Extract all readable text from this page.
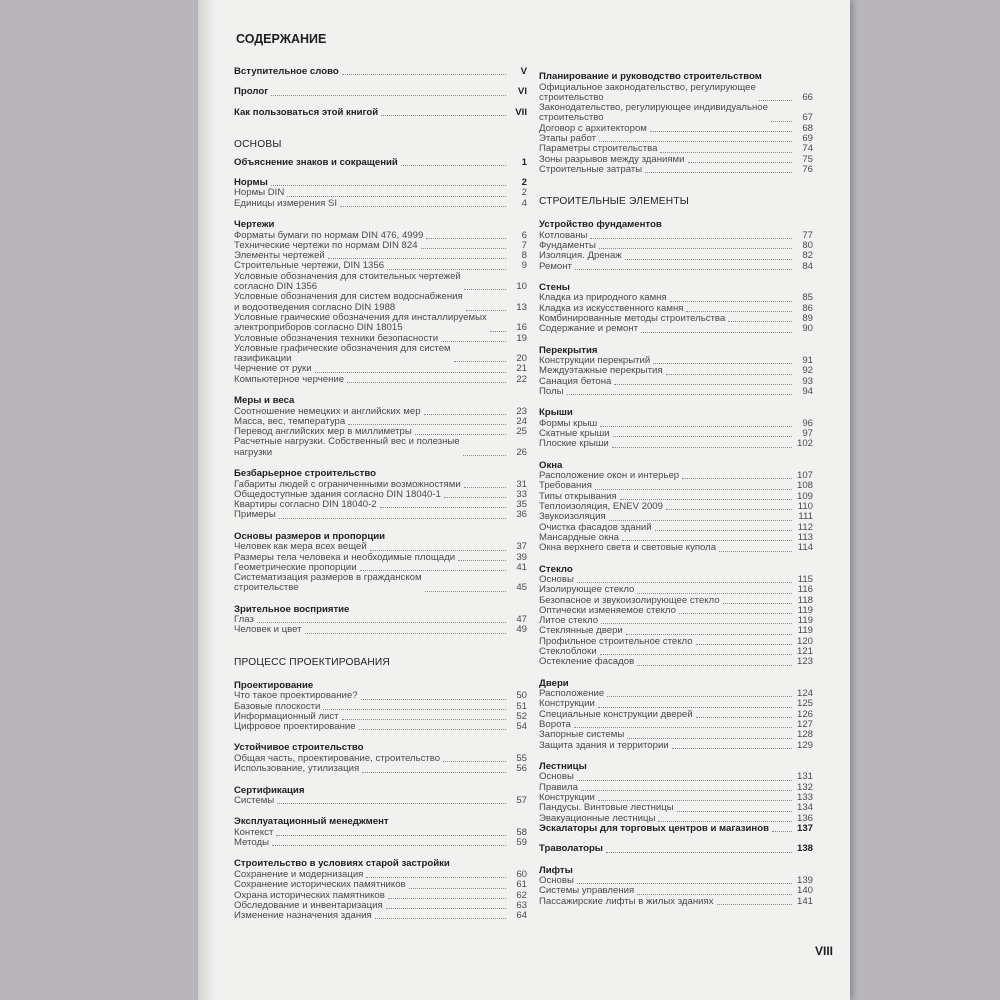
СОДЕРЖАНИЕ
Вступительное слово	V
Пролог	VI
Как пользоваться этой книгой	VII
ОСНОВЫ
Объяснение знаков и сокращений	1
Нормы	2
Нормы DIN	2
Единицы измерения SI	4
Чертежи
Форматы бумаги по нормам DIN 476, 4999	6
Технические чертежи по нормам DIN 824	7
Элементы чертежей	8
Строительные чертежи, DIN 1356	9
Условные обозначения для стоительных чертежей
согласно DIN 1356	10
Условные обозначения для систем водоснабжения
и водоотведения согласно DIN 1988	13
Условные граические обозначения для инсталлируемых
электроприборов согласно DIN 18015	16
Условные обозначения техники безопасности	19
Условные графические обозначения для систем
газификации	20
Черчение от руки	21
Компьютерное черчение	22
Меры и веса
Соотношение немецких и английских мер	23
Масса, вес, температура	24
Перевод английских мер в миллиметры	25
Расчетные нагрузки. Собственный вес и полезные
нагрузки	26
Безбарьерное строительство
Габариты людей с ограниченными возможностями	31
Общедоступные здания согласно DIN 18040-1	33
Квартиры согласно DIN 18040-2	35
Примеры	36
Основы размеров и пропорции
Человек как мера всех вещей	37
Размеры тела человека и необходимые площади	39
Геометрические пропорции	41
Систематизация размеров в гражданском
строительстве	45
Зрительное восприятие
Глаз	47
Человек и цвет	49
ПРОЦЕСС ПРОЕКТИРОВАНИЯ
Проектирование
Что такое проектирование?	50
Базовые плоскости	51
Информационный лист	52
Цифровое проектирование	54
Устойчивое строительство
Общая часть, проектирование, строительство	55
Использование, утилизация	56
Сертификация
Системы	57
Эксплуатационный менеджмент
Контекст	58
Методы	59
Строительство в условиях старой застройки
Сохранение и модернизация	60
Сохранение исторических памятников	61
Охрана исторических памятников	62
Обследование и инвентаризация	63
Изменение назначения здания	64
Планирование и руководство строительством
Официальное законодательство, регулирующее
строительство	66
Законодательство, регулирующее индивидуальное
строительство	67
Договор с архитектором	68
Этапы работ	69
Параметры строительства	74
Зоны разрывов между зданиями	75
Строительные затраты	76
СТРОИТЕЛЬНЫЕ ЭЛЕМЕНТЫ
Устройство фундаментов
Котлованы	77
Фундаменты	80
Изоляция. Дренаж	82
Ремонт	84
Стены
Кладка из природного камня	85
Кладка из искусственного камня	86
Комбинированные методы строительства	89
Содержание и ремонт	90
Перекрытия
Конструкции перекрытий	91
Междуэтажные перекрытия	92
Санация бетона	93
Полы	94
Крыши
Формы крыш	96
Скатные крыши	97
Плоские крыши	102
Окна
Расположение окон и интерьер	107
Требования	108
Типы открывания	109
Теплоизоляция, ENEV 2009	110
Звукоизоляция	111
Очистка фасадов зданий	112
Мансардные окна	113
Окна верхнего света и световые купола	114
Стекло
Основы	115
Изолирующее стекло	116
Безопасное и звукоизолирующее стекло	118
Оптически изменяемое стекло	119
Литое стекло	119
Стеклянные двери	119
Профильное строительное стекло	120
Стеклоблоки	121
Остекление фасадов	123
Двери
Расположение	124
Конструкции	125
Специальные конструкции дверей	126
Ворота	127
Запорные системы	128
Защита здания и территории	129
Лестницы
Основы	131
Правила	132
Конструкции	133
Пандусы. Винтовые лестницы	134
Эвакуационные лестницы	136
Эскалаторы для торговых центров и магазинов	137
Траволаторы	138
Лифты
Основы	139
Системы управления	140
Пассажирские лифты в жилых зданиях	141
VIII
